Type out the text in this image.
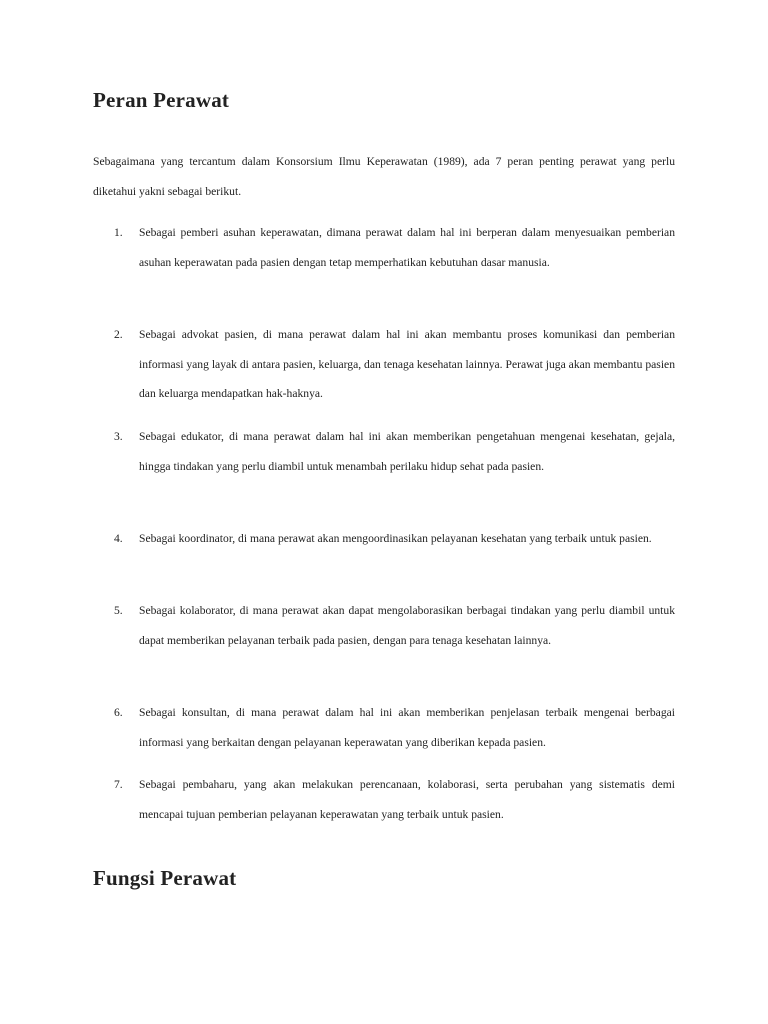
Peran Perawat

Sebagaimana yang tercantum dalam Konsorsium Ilmu Keperawatan (1989), ada 7 peran penting perawat yang perlu diketahui yakni sebagai berikut.

1. Sebagai pemberi asuhan keperawatan, dimana perawat dalam hal ini berperan dalam menyesuaikan pemberian asuhan keperawatan pada pasien dengan tetap memperhatikan kebutuhan dasar manusia.
2. Sebagai advokat pasien, di mana perawat dalam hal ini akan membantu proses komunikasi dan pemberian informasi yang layak di antara pasien, keluarga, dan tenaga kesehatan lainnya. Perawat juga akan membantu pasien dan keluarga mendapatkan hak-haknya.
3. Sebagai edukator, di mana perawat dalam hal ini akan memberikan pengetahuan mengenai kesehatan, gejala, hingga tindakan yang perlu diambil untuk menambah perilaku hidup sehat pada pasien.
4. Sebagai koordinator, di mana perawat akan mengoordinasikan pelayanan kesehatan yang terbaik untuk pasien.
5. Sebagai kolaborator, di mana perawat akan dapat mengolaborasikan berbagai tindakan yang perlu diambil untuk dapat memberikan pelayanan terbaik pada pasien, dengan para tenaga kesehatan lainnya.
6. Sebagai konsultan, di mana perawat dalam hal ini akan memberikan penjelasan terbaik mengenai berbagai informasi yang berkaitan dengan pelayanan keperawatan yang diberikan kepada pasien.
7. Sebagai pembaharu, yang akan melakukan perencanaan, kolaborasi, serta perubahan yang sistematis demi mencapai tujuan pemberian pelayanan keperawatan yang terbaik untuk pasien.
Fungsi Perawat
